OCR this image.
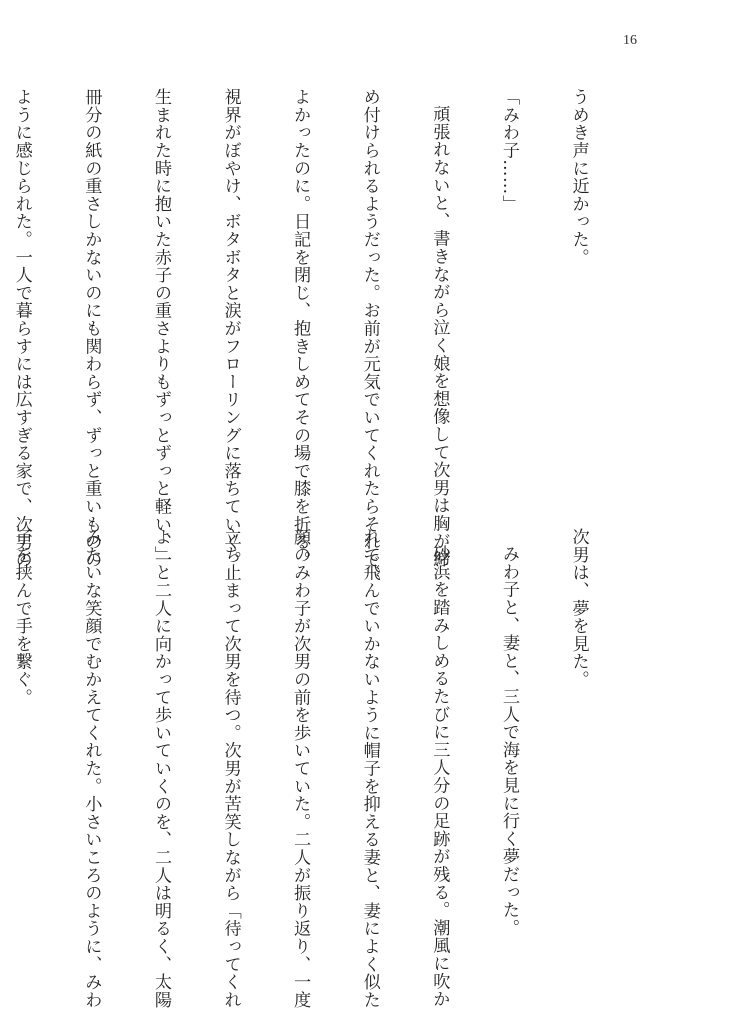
16

うめき声に近かった。

「みわ子……」

頑張れないと、書きながら泣く娘を想像して次男は胸が締

め付けられるようだった。お前が元気でいてくれたらそれで

よかったのに。日記を閉じ、抱きしめてその場で膝を折る。

視界がぼやけ、ボタボタと涙がフローリングに落ちていく。

生まれた時に抱いた赤子の重さよりもずっとずっと軽い、一

冊分の紙の重さしかないのにも関わらず、ずっと重いものの

ように感じられた。一人で暮らすには広すぎる家で、次男の

次男は、夢を見た。

みわ子と、妻と、三人で海を見に行く夢だった。

砂浜を踏みしめるたびに三人分の足跡が残る。潮風に吹か

れて飛んでいかないように帽子を抑える妻と、妻によく似た

顔のみわ子が次男の前を歩いていた。二人が振り返り、一度

立ち止まって次男を待つ。次男が苦笑しながら「待ってくれ

よ」と二人に向かって歩いていくのを、二人は明るく、太陽

みたいな笑顔でむかえてくれた。小さいころのように、みわ

子を挟んで手を繋ぐ。
